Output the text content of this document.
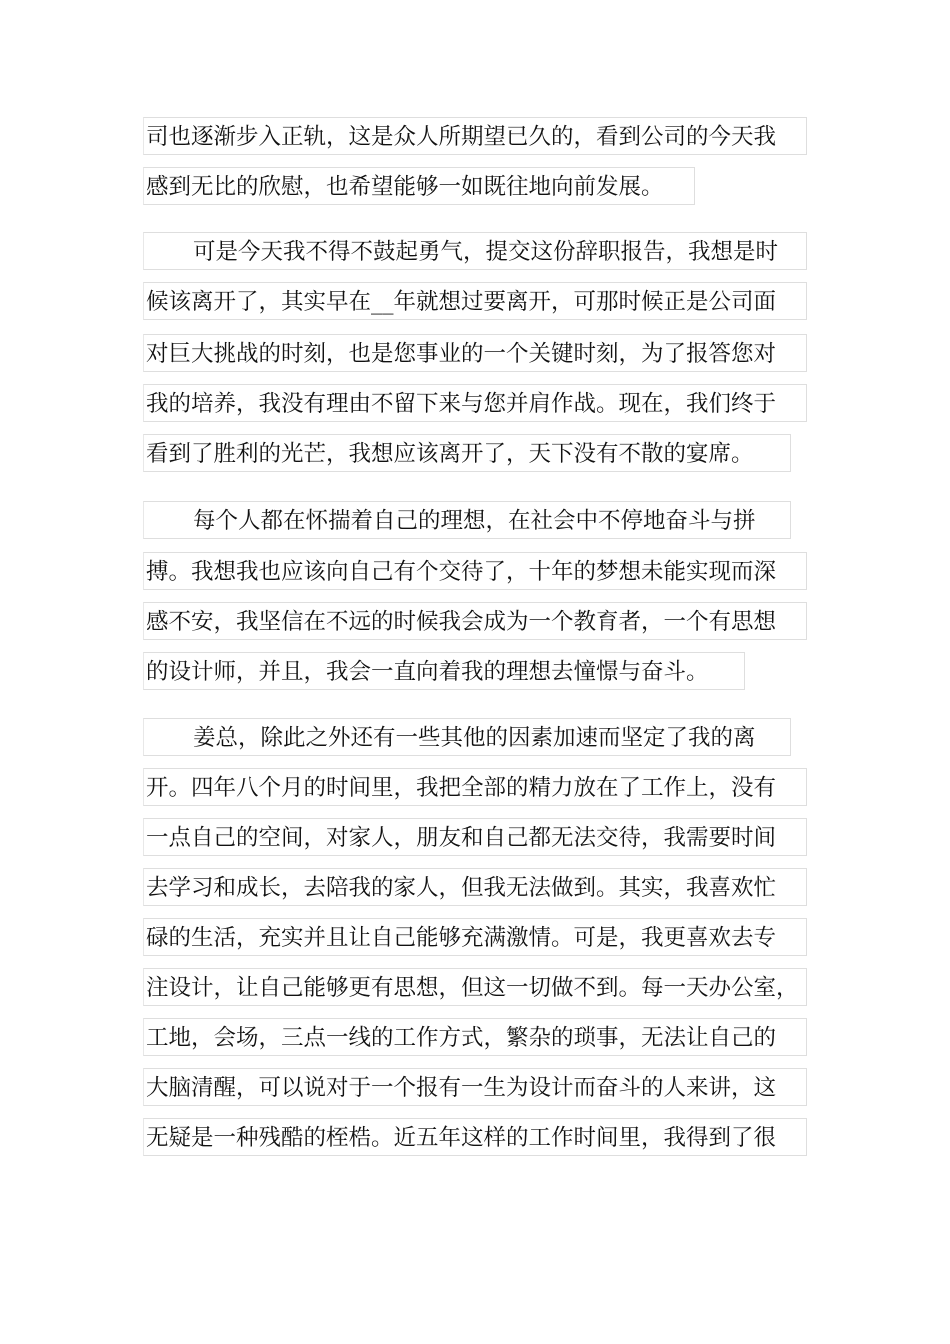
司也逐渐步入正轨，这是众人所期望已久的，看到公司的今天我
感到无比的欣慰，也希望能够一如既往地向前发展。
可是今天我不得不鼓起勇气，提交这份辞职报告，我想是时
候该离开了，其实早在__年就想过要离开，可那时候正是公司面
对巨大挑战的时刻，也是您事业的一个关键时刻，为了报答您对
我的培养，我没有理由不留下来与您并肩作战。现在，我们终于
看到了胜利的光芒，我想应该离开了，天下没有不散的宴席。
每个人都在怀揣着自己的理想，在社会中不停地奋斗与拼
搏。我想我也应该向自己有个交待了，十年的梦想未能实现而深
感不安，我坚信在不远的时候我会成为一个教育者，一个有思想
的设计师，并且，我会一直向着我的理想去憧憬与奋斗。
姜总，除此之外还有一些其他的因素加速而坚定了我的离
开。四年八个月的时间里，我把全部的精力放在了工作上，没有
一点自己的空间，对家人，朋友和自己都无法交待，我需要时间
去学习和成长，去陪我的家人，但我无法做到。其实，我喜欢忙
碌的生活，充实并且让自己能够充满激情。可是，我更喜欢去专
注设计，让自己能够更有思想，但这一切做不到。每一天办公室，
工地，会场，三点一线的工作方式，繁杂的琐事，无法让自己的
大脑清醒，可以说对于一个报有一生为设计而奋斗的人来讲，这
无疑是一种残酷的桎梏。近五年这样的工作时间里，我得到了很
